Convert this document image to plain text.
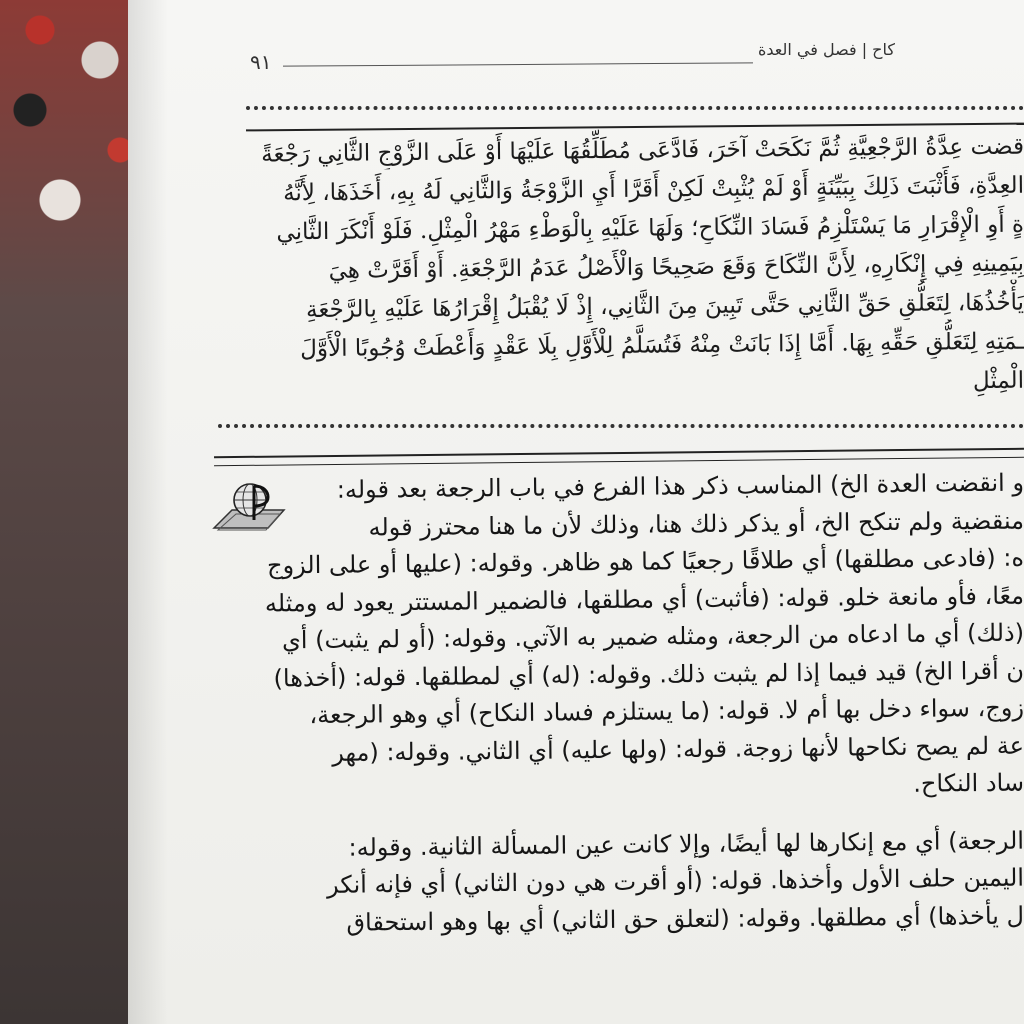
٩١
كاح | فصل في العدة
قضت عِدَّةُ الرَّجْعِيَّةِ ثُمَّ نَكَحَتْ آخَرَ، فَادَّعَى مُطَلِّقُهَا عَلَيْهَا أَوْ عَلَى الزَّوْجِ الثَّانِي رَجْعَةً
العِدَّةِ، فَأَثْبَتَ ذَلِكَ بِبَيِّنَةٍ أَوْ لَمْ يُثْبِتْ لَكِنْ أَقَرَّا أَيِ الزَّوْجَةُ وَالثَّانِي لَهُ بِهِ، أَخَذَهَا، لِأَنَّهُ
ةٍ أَوِ الْإِقْرَارِ مَا يَسْتَلْزِمُ فَسَادَ النِّكَاحِ؛ وَلَهَا عَلَيْهِ بِالْوَطْءِ مَهْرُ الْمِثْلِ. فَلَوْ أَنْكَرَ الثَّانِي
بِيَمِينِهِ فِي إِنْكَارِهِ، لِأَنَّ النِّكَاحَ وَقَعَ صَحِيحًا وَالْأَصْلُ عَدَمُ الرَّجْعَةِ. أَوْ أَقَرَّتْ هِيَ
يَأْخُذُهَا، لِتَعَلُّقِ حَقِّ الثَّانِي حَتَّى تَبِينَ مِنَ الثَّانِي، إِذْ لَا يُقْبَلُ إِقْرَارُهَا عَلَيْهِ بِالرَّجْعَةِ
ـمَتِهِ لِتَعَلُّقِ حَقِّهِ بِهَا. أَمَّا إِذَا بَانَتْ مِنْهُ فَتُسَلَّمُ لِلْأَوَّلِ بِلَا عَقْدٍ وَأَعْطَتْ وُجُوبًا الْأَوَّلَ
الْمِثْلِ
و انقضت العدة الخ) المناسب ذكر هذا الفرع في باب الرجعة بعد قوله:
منقضية ولم تنكح الخ، أو يذكر ذلك هنا، وذلك لأن ما هنا محترز قوله
ه: (فادعى مطلقها) أي طلاقًا رجعيًا كما هو ظاهر. وقوله: (عليها أو على الزوج
معًا، فأو مانعة خلو. قوله: (فأثبت) أي مطلقها، فالضمير المستتر يعود له ومثله
(ذلك) أي ما ادعاه من الرجعة، ومثله ضمير به الآتي. وقوله: (أو لم يثبت) أي
ن أقرا الخ) قيد فيما إذا لم يثبت ذلك. وقوله: (له) أي لمطلقها. قوله: (أخذها)
زوج، سواء دخل بها أم لا. قوله: (ما يستلزم فساد النكاح) أي وهو الرجعة،
عة لم يصح نكاحها لأنها زوجة. قوله: (ولها عليه) أي الثاني. وقوله: (مهر
ساد النكاح.
الرجعة) أي مع إنكارها لها أيضًا، وإلا كانت عين المسألة الثانية. وقوله:
اليمين حلف الأول وأخذها. قوله: (أو أقرت هي دون الثاني) أي فإنه أنكر
ل يأخذها) أي مطلقها. وقوله: (لتعلق حق الثاني) أي بها وهو استحقاق
